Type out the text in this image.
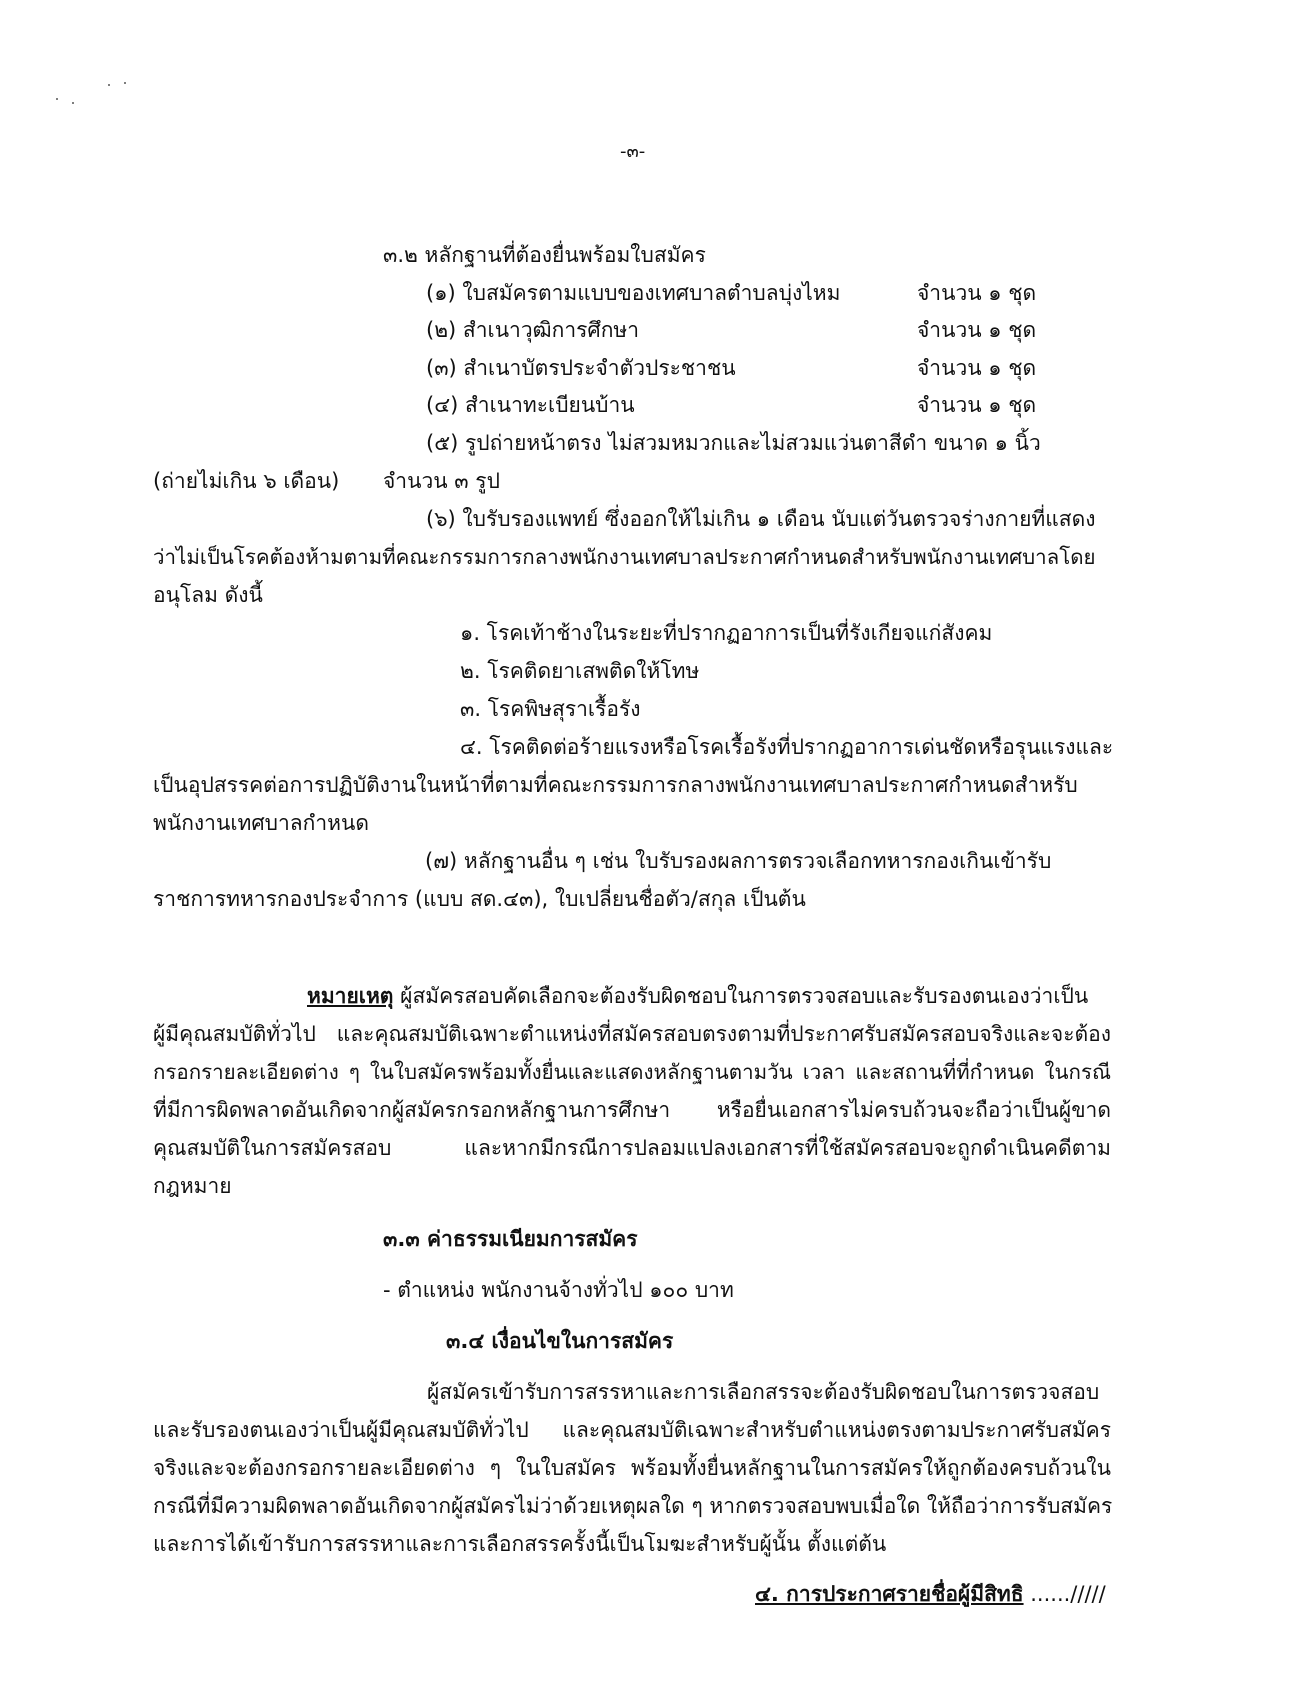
-๓-
๓.๒ หลักฐานที่ต้องยื่นพร้อมใบสมัคร
(๑) ใบสมัครตามแบบของเทศบาลตำบลบุ่งไหม	จำนวน ๑ ชุด
(๒) สำเนาวุฒิการศึกษา	จำนวน ๑ ชุด
(๓) สำเนาบัตรประจำตัวประชาชน	จำนวน ๑ ชุด
(๔) สำเนาทะเบียนบ้าน	จำนวน ๑ ชุด
(๕) รูปถ่ายหน้าตรง ไม่สวมหมวกและไม่สวมแว่นตาสีดำ ขนาด ๑ นิ้ว
(ถ่ายไม่เกิน ๖ เดือน) จำนวน ๓ รูป
(๖) ใบรับรองแพทย์ ซึ่งออกให้ไม่เกิน ๑ เดือน นับแต่วันตรวจร่างกายที่แสดง
ว่าไม่เป็นโรคต้องห้ามตามที่คณะกรรมการกลางพนักงานเทศบาลประกาศกำหนดสำหรับพนักงานเทศบาลโดย
อนุโลม ดังนี้
๑. โรคเท้าช้างในระยะที่ปรากฏอาการเป็นที่รังเกียจแก่สังคม
๒. โรคติดยาเสพติดให้โทษ
๓. โรคพิษสุราเรื้อรัง
๔. โรคติดต่อร้ายแรงหรือโรคเรื้อรังที่ปรากฏอาการเด่นชัดหรือรุนแรงและ
เป็นอุปสรรคต่อการปฏิบัติงานในหน้าที่ตามที่คณะกรรมการกลางพนักงานเทศบาลประกาศกำหนดสำหรับ
พนักงานเทศบาลกำหนด
(๗) หลักฐานอื่น ๆ เช่น ใบรับรองผลการตรวจเลือกทหารกองเกินเข้ารับ
ราชการทหารกองประจำการ (แบบ สด.๔๓), ใบเปลี่ยนชื่อตัว/สกุล เป็นต้น
หมายเหตุ ผู้สมัครสอบคัดเลือกจะต้องรับผิดชอบในการตรวจสอบและรับรองตนเองว่าเป็น
ผู้มีคุณสมบัติทั่วไป และคุณสมบัติเฉพาะตำแหน่งที่สมัครสอบตรงตามที่ประกาศรับสมัครสอบจริงและจะต้อง
กรอกรายละเอียดต่าง ๆ ในใบสมัครพร้อมทั้งยื่นและแสดงหลักฐานตามวัน เวลา และสถานที่ที่กำหนด ในกรณี
ที่มีการผิดพลาดอันเกิดจากผู้สมัครกรอกหลักฐานการศึกษา หรือยื่นเอกสารไม่ครบถ้วนจะถือว่าเป็นผู้ขาด
คุณสมบัติในการสมัครสอบ และหากมีกรณีการปลอมแปลงเอกสารที่ใช้สมัครสอบจะถูกดำเนินคดีตาม
กฎหมาย
๓.๓ ค่าธรรมเนียมการสมัคร
- ตำแหน่ง พนักงานจ้างทั่วไป ๑๐๐ บาท
๓.๔ เงื่อนไขในการสมัคร
ผู้สมัครเข้ารับการสรรหาและการเลือกสรรจะต้องรับผิดชอบในการตรวจสอบ
และรับรองตนเองว่าเป็นผู้มีคุณสมบัติทั่วไป และคุณสมบัติเฉพาะสำหรับตำแหน่งตรงตามประกาศรับสมัคร
จริงและจะต้องกรอกรายละเอียดต่าง ๆ ในใบสมัคร พร้อมทั้งยื่นหลักฐานในการสมัครให้ถูกต้องครบถ้วนใน
กรณีที่มีความผิดพลาดอันเกิดจากผู้สมัครไม่ว่าด้วยเหตุผลใด ๆ หากตรวจสอบพบเมื่อใด ให้ถือว่าการรับสมัคร
และการได้เข้ารับการสรรหาและการเลือกสรรครั้งนี้เป็นโมฆะสำหรับผู้นั้น ตั้งแต่ต้น
๔. การประกาศรายชื่อผู้มีสิทธิ ....../////
